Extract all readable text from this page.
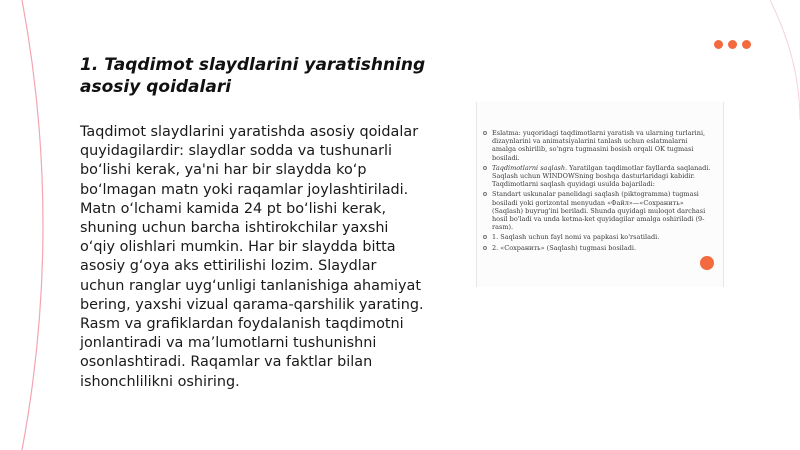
1. Taqdimot slaydlarini yaratishning asosiy qoidalari

Taqdimot slaydlarini yaratishda asosiy qoidalar quyidagilardir: slaydlar sodda va tushunarli bo‘lishi kerak, ya'ni har bir slaydda ko‘p bo‘lmagan matn yoki raqamlar joylashtiriladi. Matn o‘lchami kamida 24 pt bo‘lishi kerak, shuning uchun barcha ishtirokchilar yaxshi o‘qiy olishlari mumkin. Har bir slaydda bitta asosiy g‘oya aks ettirilishi lozim. Slaydlar uchun ranglar uyg‘unligi tanlanishiga ahamiyat bering, yaxshi vizual qarama-qarshilik yarating. Rasm va grafiklardan foydalanish taqdimotni jonlantiradi va ma’lumotlarni tushunishni osonlashtiradi. Raqamlar va faktlar bilan ishonchlilikni oshiring.

Eslatma: yuqoridagi taqdimotlarni yaratish va ularning turlarini, dizaynlarini va animatsiyalarini tanlash uchun eslatmalarni amalga oshirilib, so'ngra tugmasini bosish orqali OK tugmasi bosiladi.
Taqdimotlarni saqlash. Yaratilgan taqdimotlar fayllarda saqlanadi. Saqlash uchun WINDOWSning boshqa dasturlaridagi kabidir. Taqdimotlarni saqlash quyidagi usulda bajariladi:
Standart uskunalar panelidagi saqlash (piktogramma) tugmasi bosiladi yoki gorizontal menyudan «Файл»—«Сохранить» (Saqlash) buyrug'ini beriladi. Shunda quyidagi muloqot darchasi hosil bo'ladi va unda ketma-ket quyidagilar amalga oshiriladi (9-rasm).
1. Saqlash uchun fayl nomi va papkasi ko'rsatiladi.
2. «Сохранить» (Saqlash) tugmasi bosiladi.
